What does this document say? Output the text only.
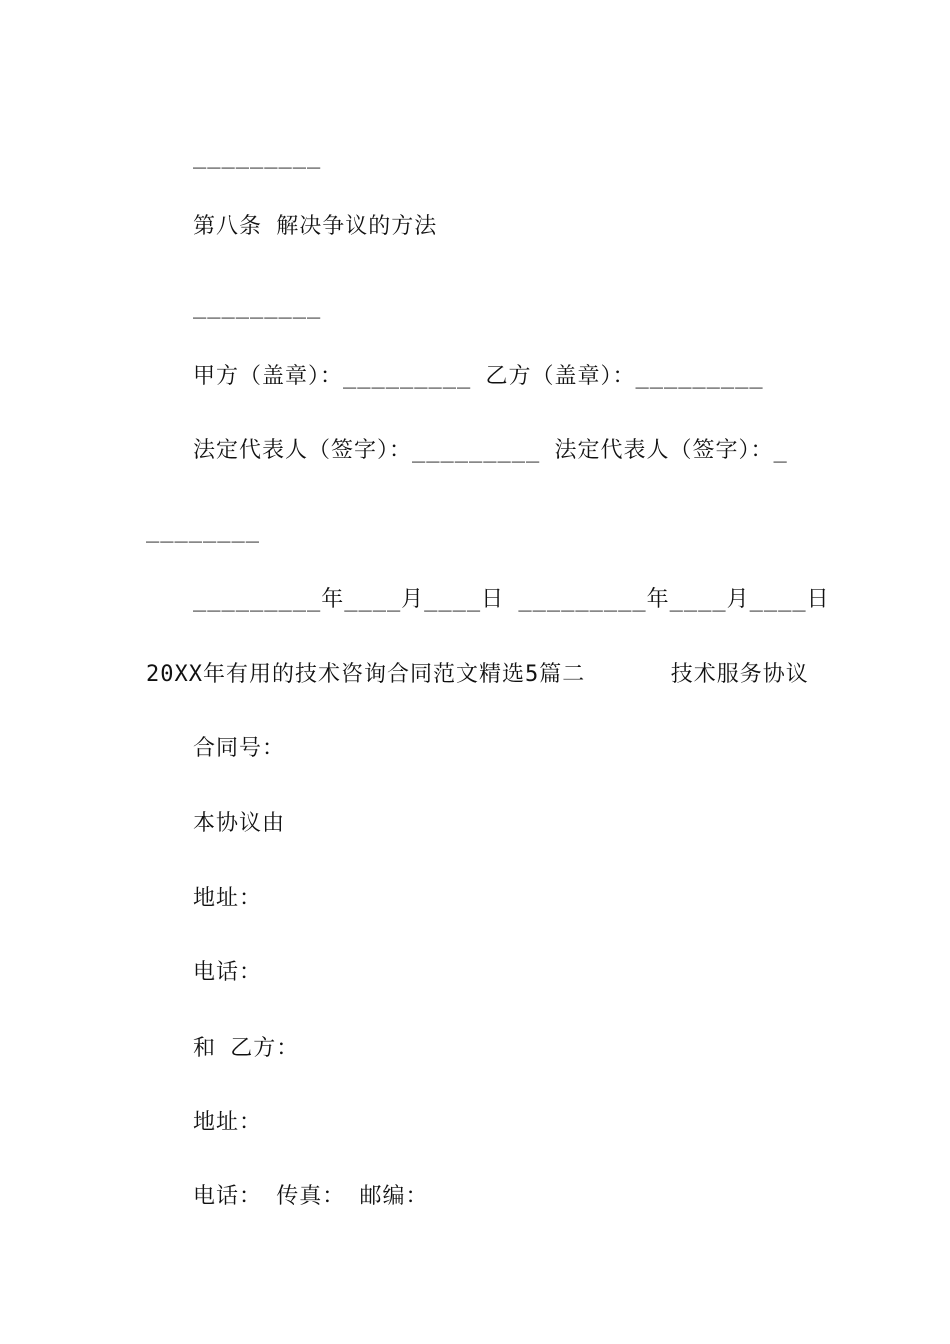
_________
第八条 解决争议的方法
_________
甲方（盖章）：_________ 乙方（盖章）：_________
法定代表人（签字）：_________ 法定代表人（签字）：_
________
_________年____月____日 _________年____月____日
20XX年有用的技术咨询合同范文精选5篇二      技术服务协议
合同号：
本协议由
地址：
电话：
和 乙方：
地址：
电话： 传真： 邮编：
